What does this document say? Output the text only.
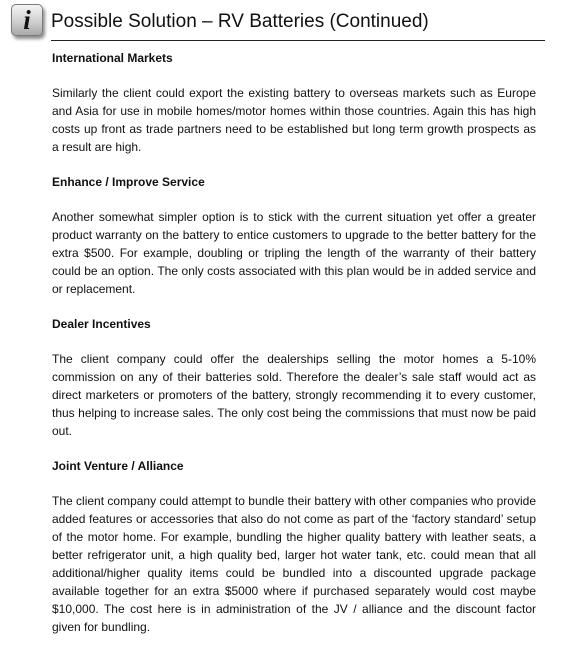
i	Possible Solution – RV Batteries (Continued)
International Markets

Similarly the client could export the existing battery to overseas markets such as Europe and Asia for use in mobile homes/motor homes within those countries. Again this has high costs up front as trade partners need to be established but long term growth prospects as a result are high.

Enhance / Improve Service

Another somewhat simpler option is to stick with the current situation yet offer a greater product warranty on the battery to entice customers to upgrade to the better battery for the extra $500. For example, doubling or tripling the length of the warranty of their battery could be an option. The only costs associated with this plan would be in added service and or replacement.

Dealer Incentives

The client company could offer the dealerships selling the motor homes a 5-10% commission on any of their batteries sold. Therefore the dealer’s sale staff would act as direct marketers or promoters of the battery, strongly recommending it to every customer, thus helping to increase sales. The only cost being the commissions that must now be paid out.

Joint Venture / Alliance

The client company could attempt to bundle their battery with other companies who provide added features or accessories that also do not come as part of the ‘factory standard’ setup of the motor home. For example, bundling the higher quality battery with leather seats, a better refrigerator unit, a high quality bed, larger hot water tank, etc. could mean that all additional/higher quality items could be bundled into a discounted upgrade package available together for an extra $5000 where if purchased separately would cost maybe $10,000. The cost here is in administration of the JV / alliance and the discount factor given for bundling.
